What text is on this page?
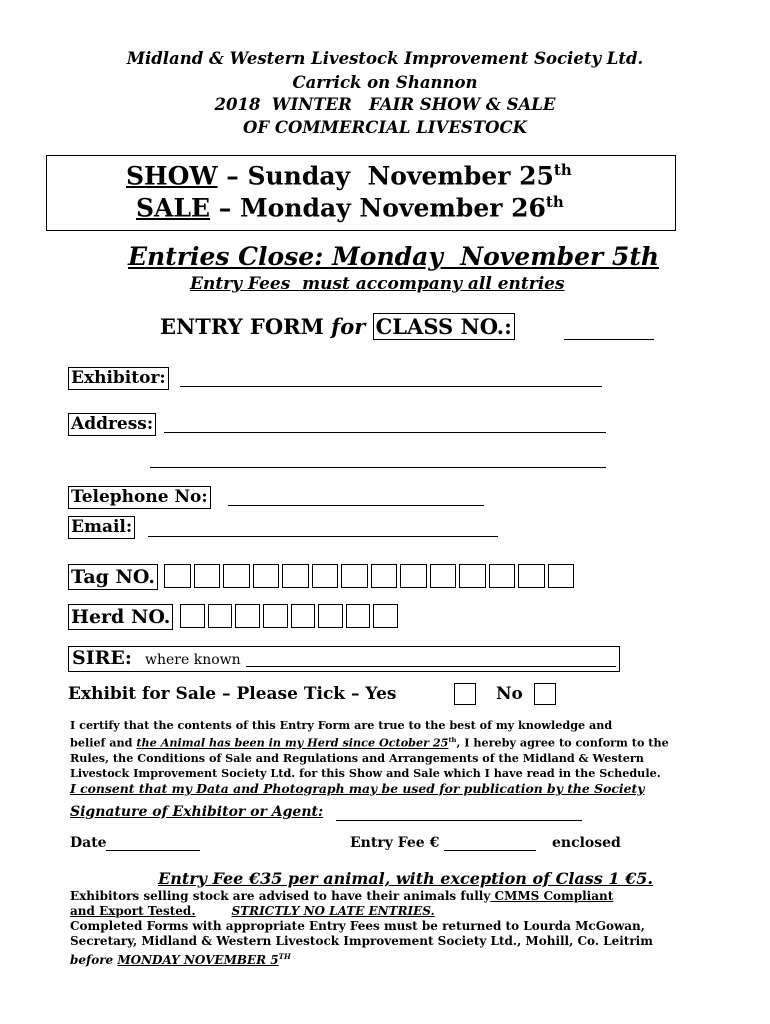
Midland & Western Livestock Improvement Society Ltd.
Carrick on Shannon
2018  WINTER   FAIR SHOW & SALE
OF COMMERCIAL LIVESTOCK
SHOW – Sunday  November 25th
SALE – Monday November 26th
Entries Close: Monday  November 5th
Entry Fees  must accompany all entries
ENTRY FORM for CLASS NO.:
Exhibitor:
Address:
Telephone No:
Email:
Tag NO.
Herd NO.
SIRE: where known
Exhibit for Sale – Please Tick – Yes	No
I certify that the contents of this Entry Form are true to the best of my knowledge and
belief and the Animal has been in my Herd since October 25th, I hereby agree to conform to the
Rules, the Conditions of Sale and Regulations and Arrangements of the Midland & Western
Livestock Improvement Society Ltd. for this Show and Sale which I have read in the Schedule.
I consent that my Data and Photograph may be used for publication by the Society
Signature of Exhibitor or Agent:
Date	Entry Fee €	enclosed
Entry Fee €35 per animal, with exception of Class 1 €5.
Exhibitors selling stock are advised to have their animals fully CMMS Compliant
and Export Tested.	STRICTLY NO LATE ENTRIES.
Completed Forms with appropriate Entry Fees must be returned to Lourda McGowan,
Secretary, Midland & Western Livestock Improvement Society Ltd., Mohill, Co. Leitrim
before MONDAY NOVEMBER 5TH
